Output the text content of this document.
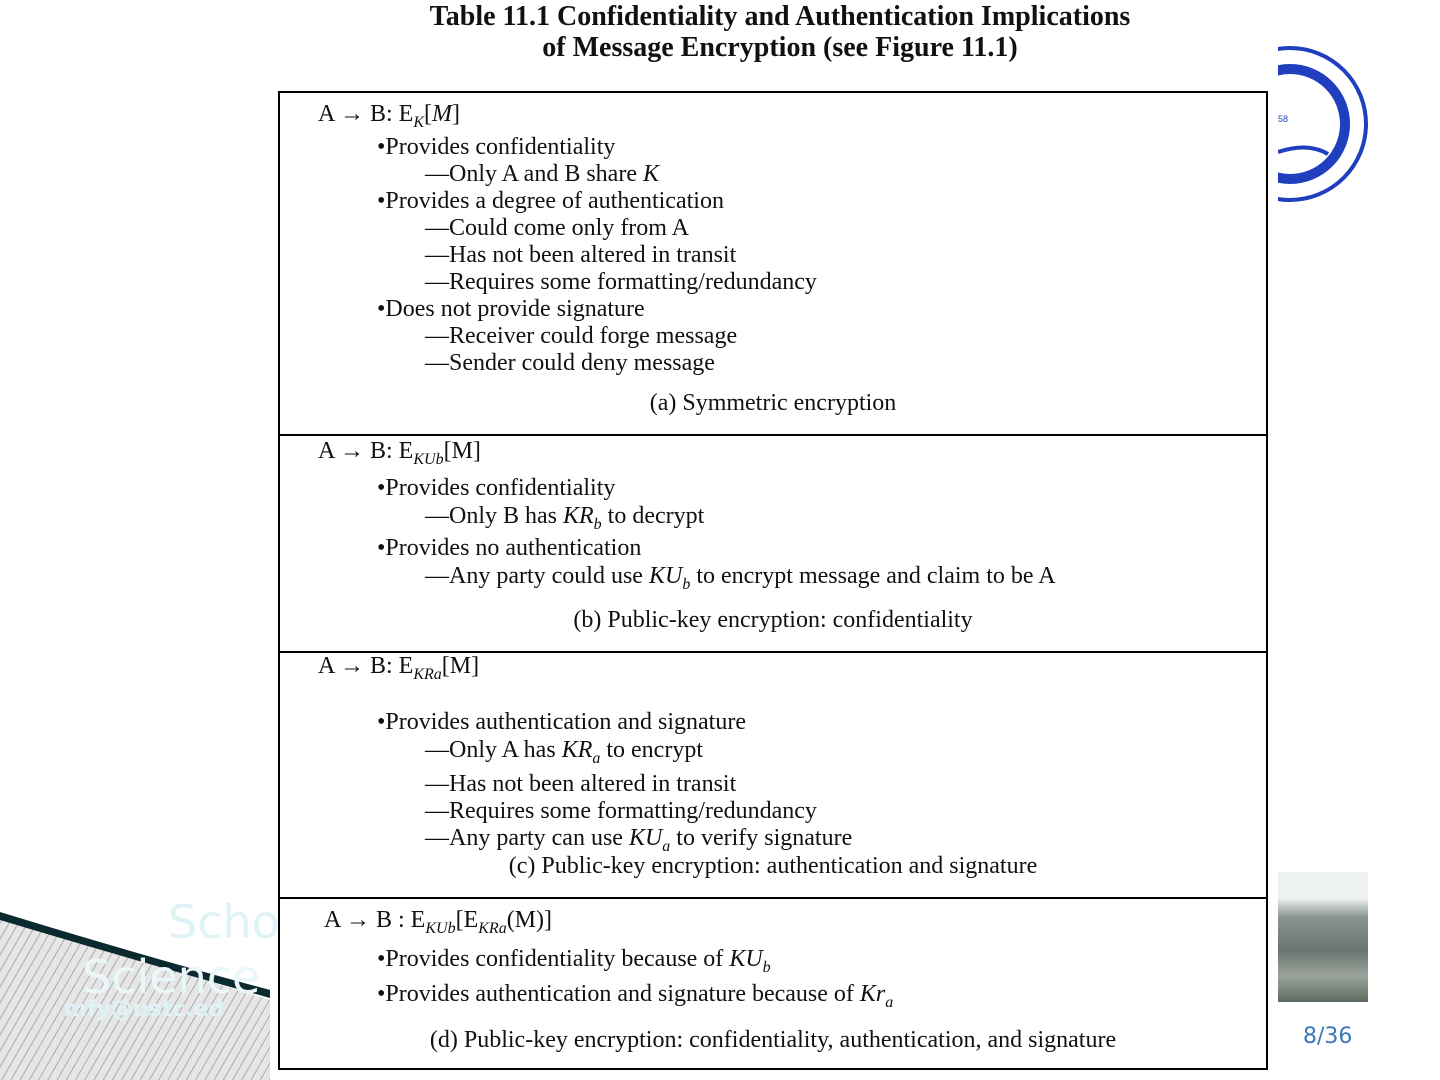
Scho
Science
mfy@ustc.ed
58
Table 11.1 Confidentiality and Authentication Implications
of Message Encryption (see Figure 11.1)
A → B: $E_K[M]$
•Provides confidentiality
—Only A and B share K
•Provides a degree of authentication
—Could come only from A
—Has not been altered in transit
—Requires some formatting/redundancy
•Does not provide signature
—Receiver could forge message
—Sender could deny message
(a) Symmetric encryption
A → B: $E_{KUb}[M]$
•Provides confidentiality
—Only B has $KR_b$ to decrypt
•Provides no authentication
—Any party could use $KU_b$ to encrypt message and claim to be A
(b) Public-key encryption: confidentiality
A → B: $E_{KRa}[M]$
•Provides authentication and signature
—Only A has $KR_a$ to encrypt
—Has not been altered in transit
—Requires some formatting/redundancy
—Any party can use $KU_a$ to verify signature
(c) Public-key encryption: authentication and signature
A → B : $E_{KUb}[E_{KRa}(M)]$
•Provides confidentiality because of $KU_b$
•Provides authentication and signature because of $Kr_a$
(d) Public-key encryption: confidentiality, authentication, and signature	8/36
